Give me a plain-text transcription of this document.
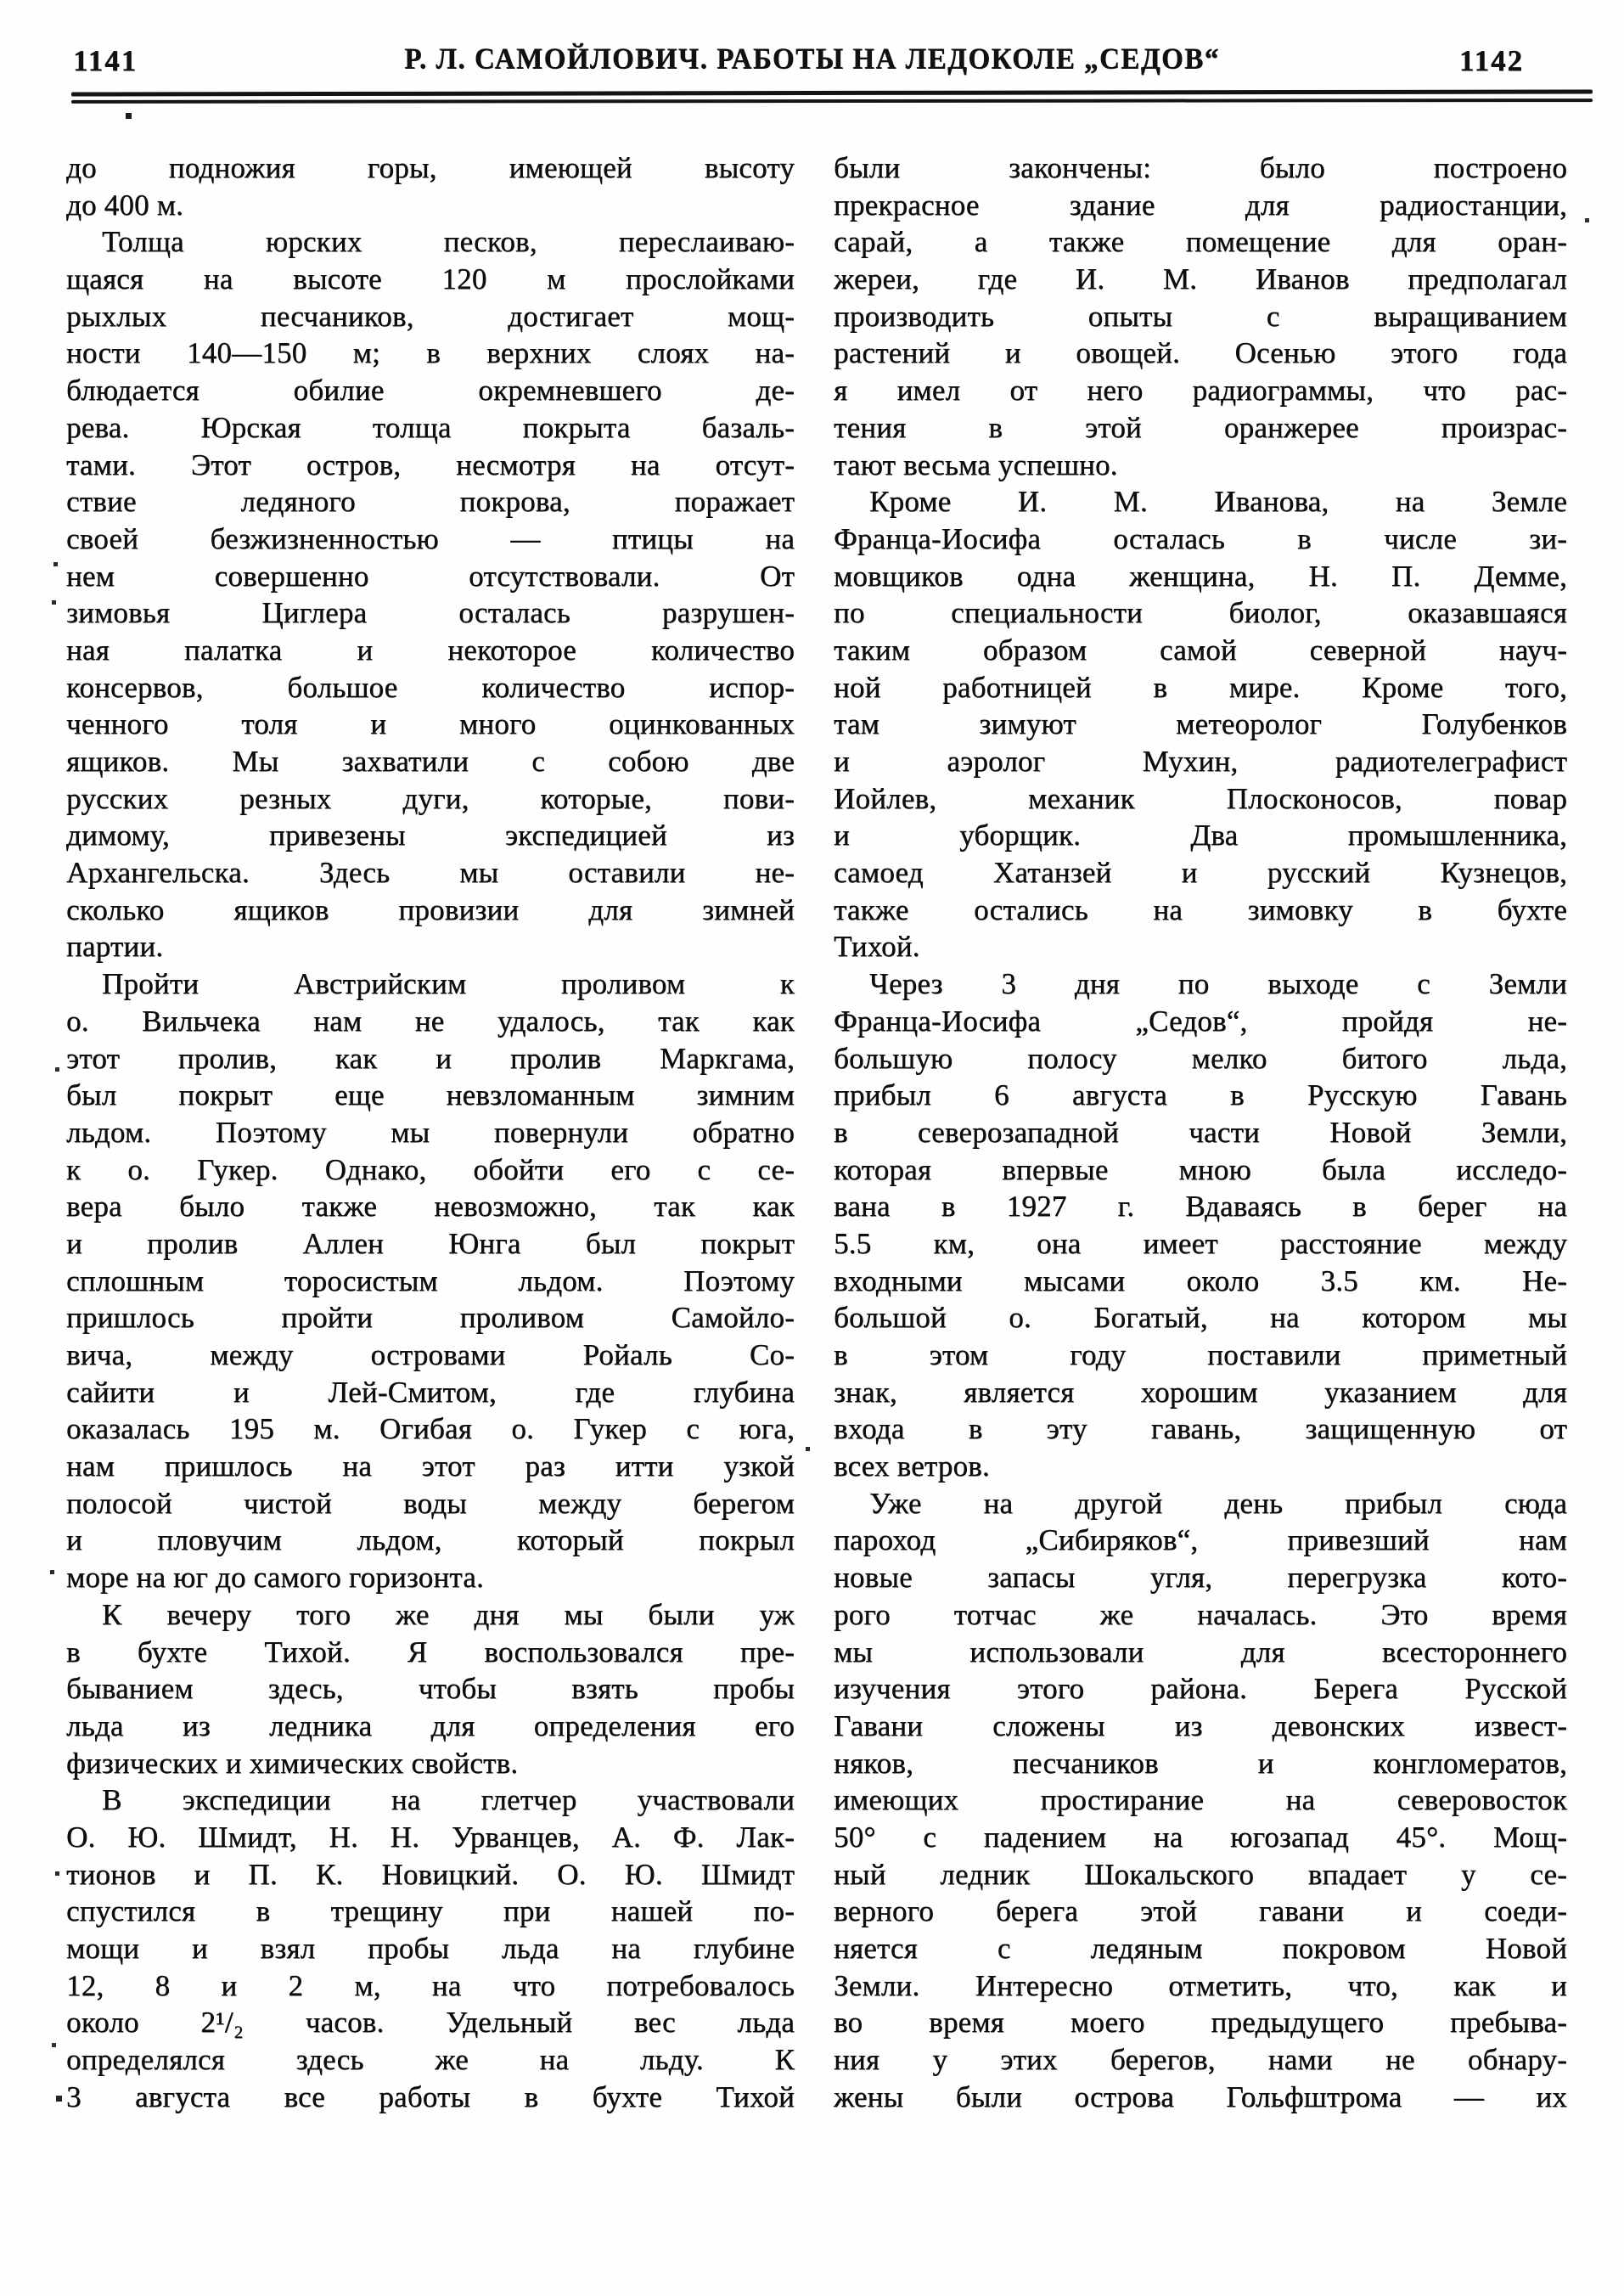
1141	Р. Л. САМОЙЛОВИЧ. РАБОТЫ НА ЛЕДОКОЛЕ „СЕДОВ“	1142
до подножия горы, имеющей высоту
до 400 м.
Толща юрских песков, переслаиваю-
щаяся на высоте 120 м прослойками
рыхлых песчаников, достигает мощ-
ности 140—150 м; в верхних слоях на-
блюдается обилие окремневшего де-
рева. Юрская толща покрыта базаль-
тами. Этот остров, несмотря на отсут-
ствие ледяного покрова, поражает
своей безжизненностью — птицы на
нем совершенно отсутствовали. От
зимовья Циглера осталась разрушен-
ная палатка и некоторое количество
консервов, большое количество испор-
ченного толя и много оцинкованных
ящиков. Мы захватили с собою две
русских резных дуги, которые, пови-
димому, привезены экспедицией из
Архангельска. Здесь мы оставили не-
сколько ящиков провизии для зимней
партии.
Пройти Австрийским проливом к
о. Вильчека нам не удалось, так как
этот пролив, как и пролив Маркгама,
был покрыт еще невзломанным зимним
льдом. Поэтому мы повернули обратно
к о. Гукер. Однако, обойти его с се-
вера было также невозможно, так как
и пролив Аллен Юнга был покрыт
сплошным торосистым льдом. Поэтому
пришлось пройти проливом Самойло-
вича, между островами Ройаль Со-
сайити и Лей-Смитом, где глубина
оказалась 195 м. Огибая о. Гукер с юга,
нам пришлось на этот раз итти узкой
полосой чистой воды между берегом
и пловучим льдом, который покрыл
море на юг до самого горизонта.
К вечеру того же дня мы были уж
в бухте Тихой. Я воспользовался пре-
быванием здесь, чтобы взять пробы
льда из ледника для определения его
физических и химических свойств.
В экспедиции на глетчер участвовали
О. Ю. Шмидт, Н. Н. Урванцев, А. Ф. Лак-
тионов и П. К. Новицкий. О. Ю. Шмидт
спустился в трещину при нашей по-
мощи и взял пробы льда на глубине
12, 8 и 2 м, на что потребовалось
около 2¹/₂ часов. Удельный вес льда
определялся здесь же на льду. К
3 августа все работы в бухте Тихой
были закончены: было построено
прекрасное здание для радиостанции,
сарай, а также помещение для оран-
жереи, где И. М. Иванов предполагал
производить опыты с выращиванием
растений и овощей. Осенью этого года
я имел от него радиограммы, что рас-
тения в этой оранжерее произрас-
тают весьма успешно.
Кроме И. М. Иванова, на Земле
Франца-Иосифа осталась в числе зи-
мовщиков одна женщина, Н. П. Демме,
по специальности биолог, оказавшаяся
таким образом самой северной науч-
ной работницей в мире. Кроме того,
там зимуют метеоролог Голубенков
и аэролог Мухин, радиотелеграфист
Иойлев, механик Плосконосов, повар
и уборщик. Два промышленника,
самоед Хатанзей и русский Кузнецов,
также остались на зимовку в бухте
Тихой.
Через 3 дня по выходе с Земли
Франца-Иосифа „Седов“, пройдя не-
большую полосу мелко битого льда,
прибыл 6 августа в Русскую Гавань
в северозападной части Новой Земли,
которая впервые мною была исследо-
вана в 1927 г. Вдаваясь в берег на
5.5 км, она имеет расстояние между
входными мысами около 3.5 км. Не-
большой о. Богатый, на котором мы
в этом году поставили приметный
знак, является хорошим указанием для
входа в эту гавань, защищенную от
всех ветров.
Уже на другой день прибыл сюда
пароход „Сибиряков“, привезший нам
новые запасы угля, перегрузка кото-
рого тотчас же началась. Это время
мы использовали для всестороннего
изучения этого района. Берега Русской
Гавани сложены из девонских извест-
няков, песчаников и конгломератов,
имеющих простирание на северовосток
50° с падением на югозапад 45°. Мощ-
ный ледник Шокальского впадает у се-
верного берега этой гавани и соеди-
няется с ледяным покровом Новой
Земли. Интересно отметить, что, как и
во время моего предыдущего пребыва-
ния у этих берегов, нами не обнару-
жены были острова Гольфштрома — их
